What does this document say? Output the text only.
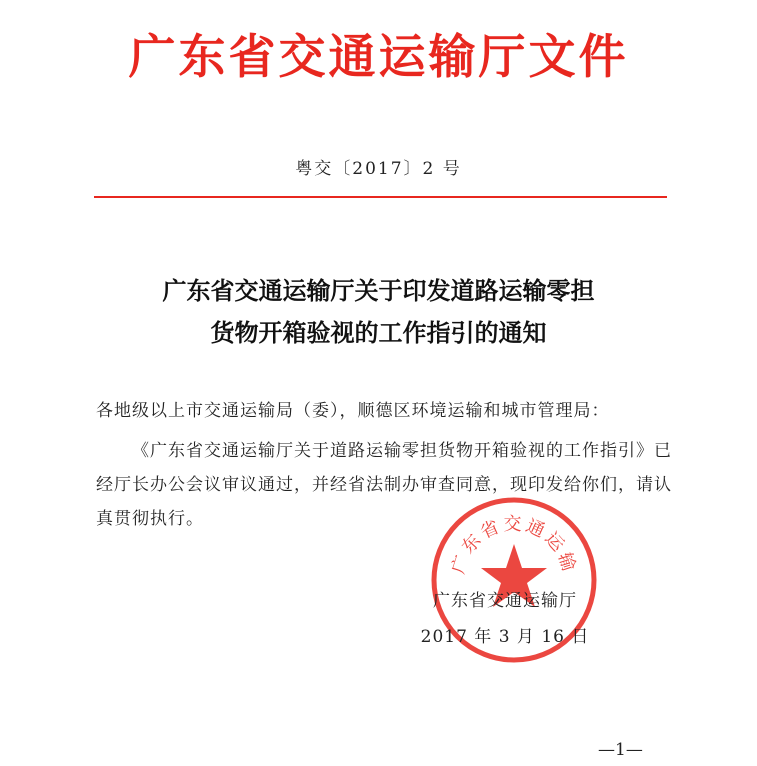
广东省交通运输厅文件
粤交〔2017〕2 号
广东省交通运输厅关于印发道路运输零担
货物开箱验视的工作指引的通知
各地级以上市交通运输局（委），顺德区环境运输和城市管理局：
《广东省交通运输厅关于道路运输零担货物开箱验视的工作指引》已经厅长办公会议审议通过，并经省法制办审查同意，现印发给你们，请认真贯彻执行。
广东省交通运输
广东省交通运输厅
2017 年 3 月 16 日
—1—
